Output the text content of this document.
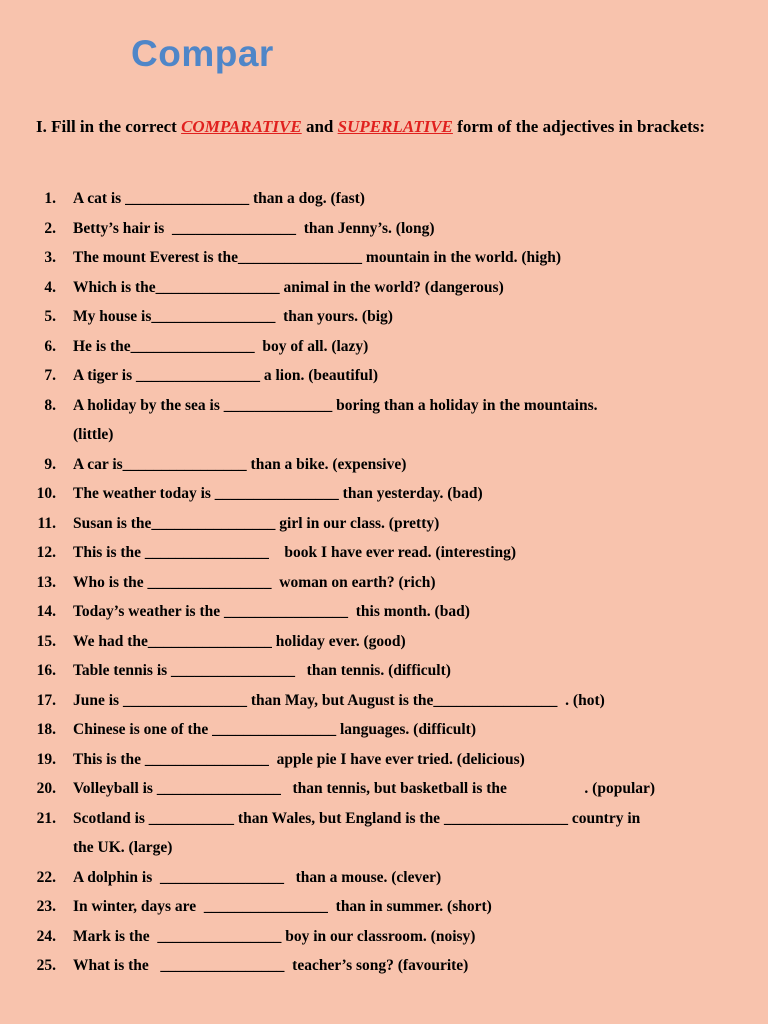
Compar
I. Fill in the correct COMPARATIVE and SUPERLATIVE form of the adjectives in brackets:
1. A cat is ________________ than a dog. (fast)
2. Betty’s hair is  ________________  than Jenny’s. (long)
3. The mount Everest is the________________ mountain in the world. (high)
4. Which is the________________ animal in the world? (dangerous)
5. My house is________________  than yours. (big)
6. He is the________________  boy of all. (lazy)
7. A tiger is ________________ a lion. (beautiful)
8. A holiday by the sea is ______________ boring than a holiday in the mountains.
(little)
9. A car is________________ than a bike. (expensive)
10. The weather today is ________________ than yesterday. (bad)
11. Susan is the________________ girl in our class. (pretty)
12. This is the ________________    book I have ever read. (interesting)
13. Who is the ________________  woman on earth? (rich)
14. Today’s weather is the ________________  this month. (bad)
15. We had the________________ holiday ever. (good)
16. Table tennis is ________________   than tennis. (difficult)
17. June is ________________ than May, but August is the________________  . (hot)
18. Chinese is one of the ________________ languages. (difficult)
19. This is the ________________  apple pie I have ever tried. (delicious)
20. Volleyball is ________________   than tennis, but basketball is the                    . (popular)
21. Scotland is ___________ than Wales, but England is the ________________ country in
the UK. (large)
22. A dolphin is  ________________   than a mouse. (clever)
23. In winter, days are  ________________  than in summer. (short)
24. Mark is the  ________________ boy in our classroom. (noisy)
25. What is the   ________________  teacher’s song? (favourite)
